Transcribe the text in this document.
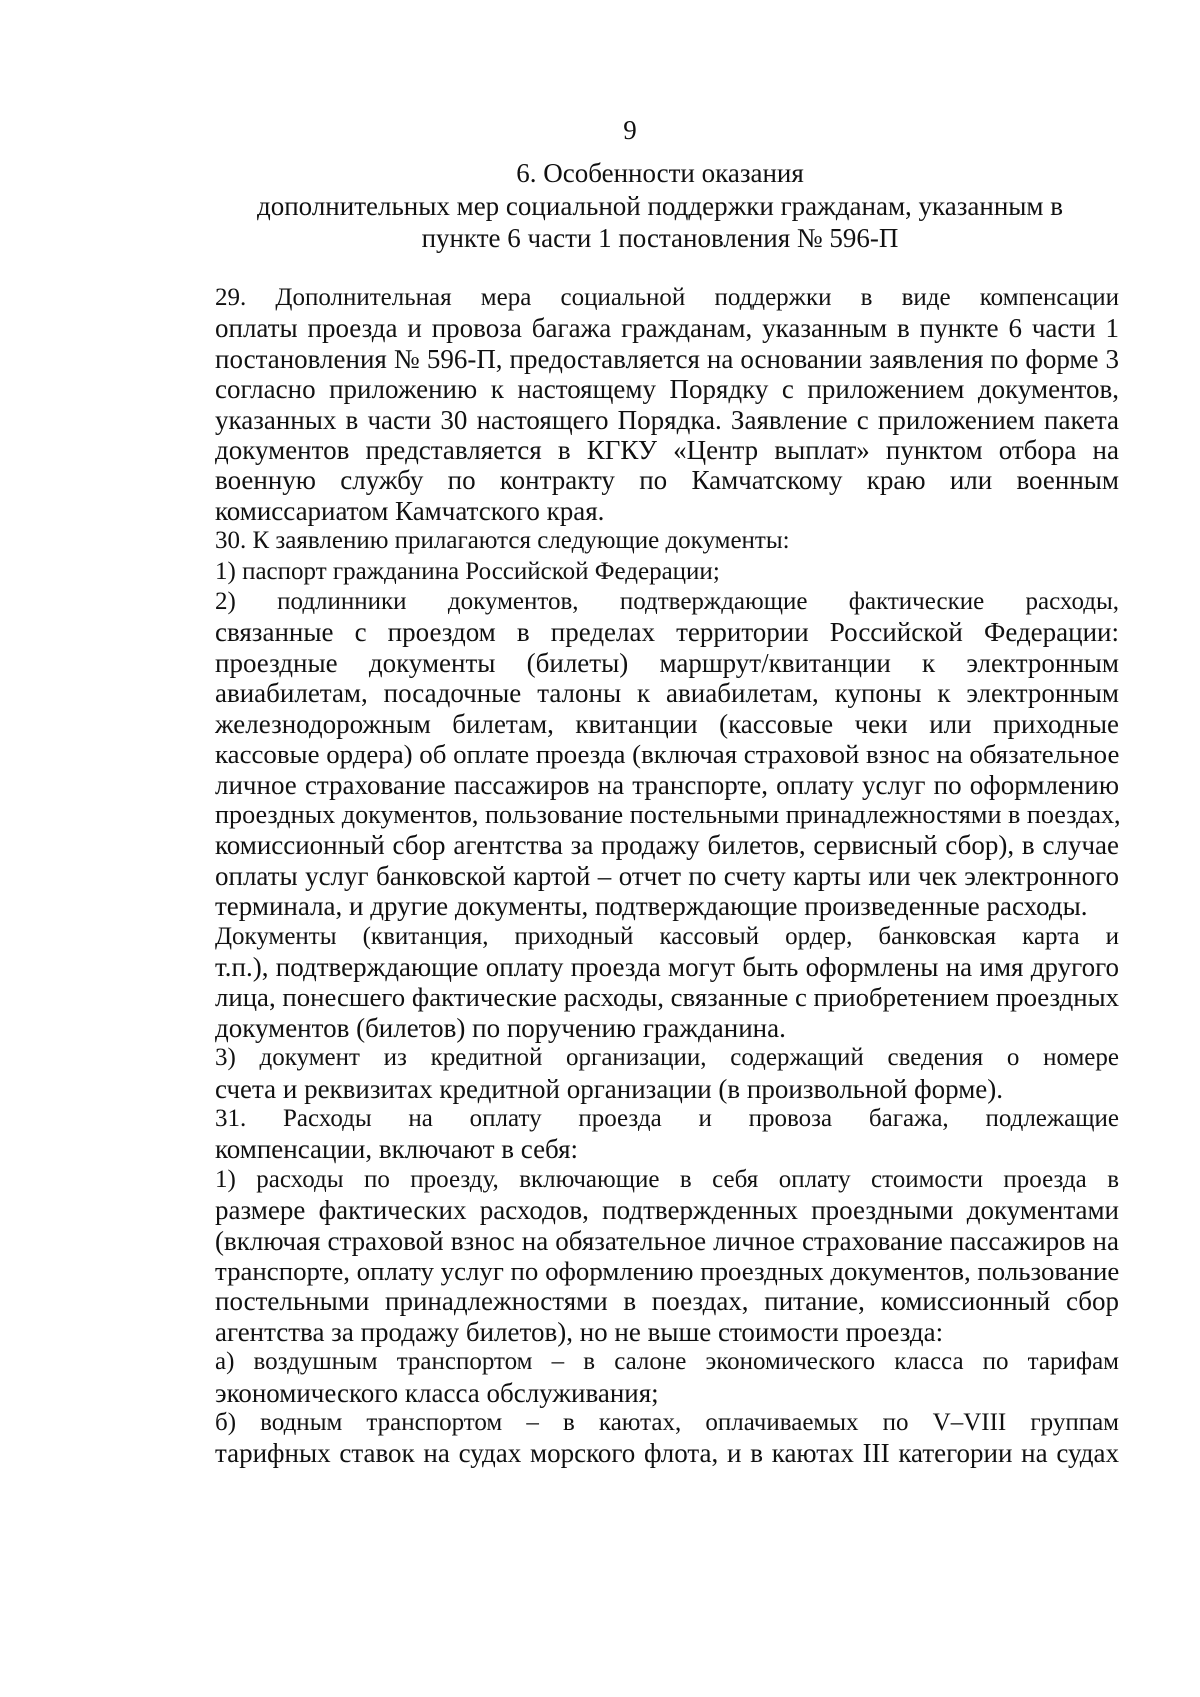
9
6. Особенности оказания
дополнительных мер социальной поддержки гражданам, указанным в
пункте 6 части 1 постановления № 596-П

29. Дополнительная мера социальной поддержки в виде компенсации
оплаты проезда и провоза багажа гражданам, указанным в пункте 6 части 1
постановления № 596-П, предоставляется на основании заявления по форме 3
согласно приложению к настоящему Порядку с приложением документов,
указанных в части 30 настоящего Порядка. Заявление с приложением пакета
документов представляется в КГКУ «Центр выплат» пунктом отбора на
военную службу по контракту по Камчатскому краю или военным
комиссариатом Камчатского края.

30. К заявлению прилагаются следующие документы:

1) паспорт гражданина Российской Федерации;

2) подлинники документов, подтверждающие фактические расходы,
связанные с проездом в пределах территории Российской Федерации:
проездные документы (билеты) маршрут/квитанции к электронным
авиабилетам, посадочные талоны к авиабилетам, купоны к электронным
железнодорожным билетам, квитанции (кассовые чеки или приходные
кассовые ордера) об оплате проезда (включая страховой взнос на обязательное
личное страхование пассажиров на транспорте, оплату услуг по оформлению
проездных документов, пользование постельными принадлежностями в поездах,
комиссионный сбор агентства за продажу билетов, сервисный сбор), в случае
оплаты услуг банковской картой – отчет по счету карты или чек электронного
терминала, и другие документы, подтверждающие произведенные расходы.

Документы (квитанция, приходный кассовый ордер, банковская карта и
т.п.), подтверждающие оплату проезда могут быть оформлены на имя другого
лица, понесшего фактические расходы, связанные с приобретением проездных
документов (билетов) по поручению гражданина.

3) документ из кредитной организации, содержащий сведения о номере
счета и реквизитах кредитной организации (в произвольной форме).

31. Расходы на оплату проезда и провоза багажа, подлежащие
компенсации, включают в себя:

1) расходы по проезду, включающие в себя оплату стоимости проезда в
размере фактических расходов, подтвержденных проездными документами
(включая страховой взнос на обязательное личное страхование пассажиров на
транспорте, оплату услуг по оформлению проездных документов, пользование
постельными принадлежностями в поездах, питание, комиссионный сбор
агентства за продажу билетов), но не выше стоимости проезда:

а) воздушным транспортом – в салоне экономического класса по тарифам
экономического класса обслуживания;

б) водным транспортом – в каютах, оплачиваемых по V–VIII группам
тарифных ставок на судах морского флота, и в каютах III категории на судах
